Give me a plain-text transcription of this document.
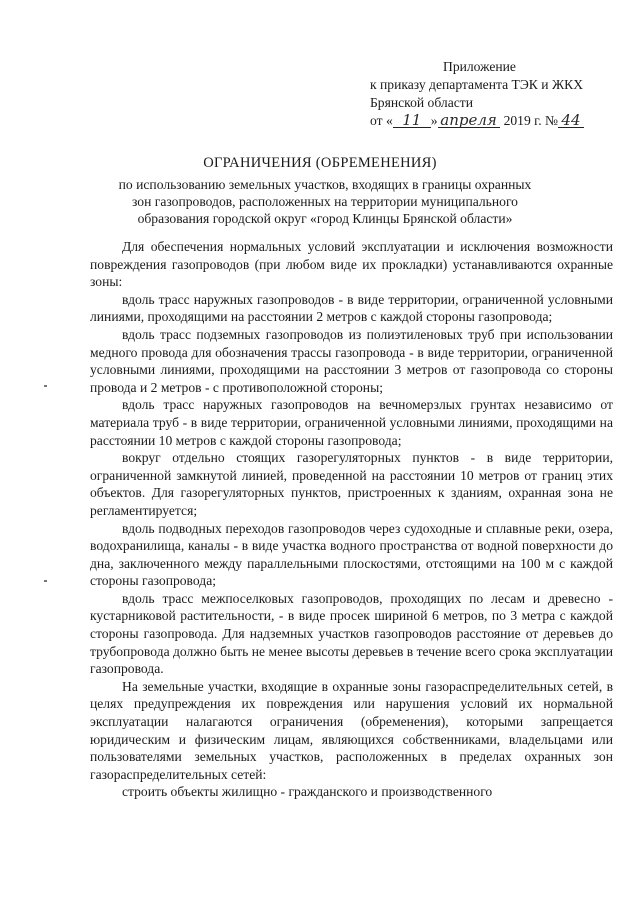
Приложение
к приказу департамента ТЭК и ЖКХ
Брянской области
от « 11 » апреля 2019 г. № 44
ОГРАНИЧЕНИЯ (ОБРЕМЕНЕНИЯ)
по использованию земельных участков, входящих в границы охранных зон газопроводов, расположенных на территории муниципального образования городской округ «город Клинцы Брянской области»

Для обеспечения нормальных условий эксплуатации и исключения возможности повреждения газопроводов (при любом виде их прокладки) устанавливаются охранные зоны:

вдоль трасс наружных газопроводов - в виде территории, ограниченной условными линиями, проходящими на расстоянии 2 метров с каждой стороны газопровода;

вдоль трасс подземных газопроводов из полиэтиленовых труб при использовании медного провода для обозначения трассы газопровода - в виде территории, ограниченной условными линиями, проходящими на расстоянии 3 метров от газопровода со стороны провода и 2 метров - с противоположной стороны;

вдоль трасс наружных газопроводов на вечномерзлых грунтах независимо от материала труб - в виде территории, ограниченной условными линиями, проходящими на расстоянии 10 метров с каждой стороны газопровода;

вокруг отдельно стоящих газорегуляторных пунктов - в виде территории, ограниченной замкнутой линией, проведенной на расстоянии 10 метров от границ этих объектов. Для газорегуляторных пунктов, пристроенных к зданиям, охранная зона не регламентируется;

вдоль подводных переходов газопроводов через судоходные и сплавные реки, озера, водохранилища, каналы - в виде участка водного пространства от водной поверхности до дна, заключенного между параллельными плоскостями, отстоящими на 100 м с каждой стороны газопровода;

вдоль трасс межпоселковых газопроводов, проходящих по лесам и древесно - кустарниковой растительности, - в виде просек шириной 6 метров, по 3 метра с каждой стороны газопровода. Для надземных участков газопроводов расстояние от деревьев до трубопровода должно быть не менее высоты деревьев в течение всего срока эксплуатации газопровода.

На земельные участки, входящие в охранные зоны газораспределительных сетей, в целях предупреждения их повреждения или нарушения условий их нормальной эксплуатации налагаются ограничения (обременения), которыми запрещается юридическим и физическим лицам, являющихся собственниками, владельцами или пользователями земельных участков, расположенных в пределах охранных зон газораспределительных сетей:

строить объекты жилищно - гражданского и производственного
